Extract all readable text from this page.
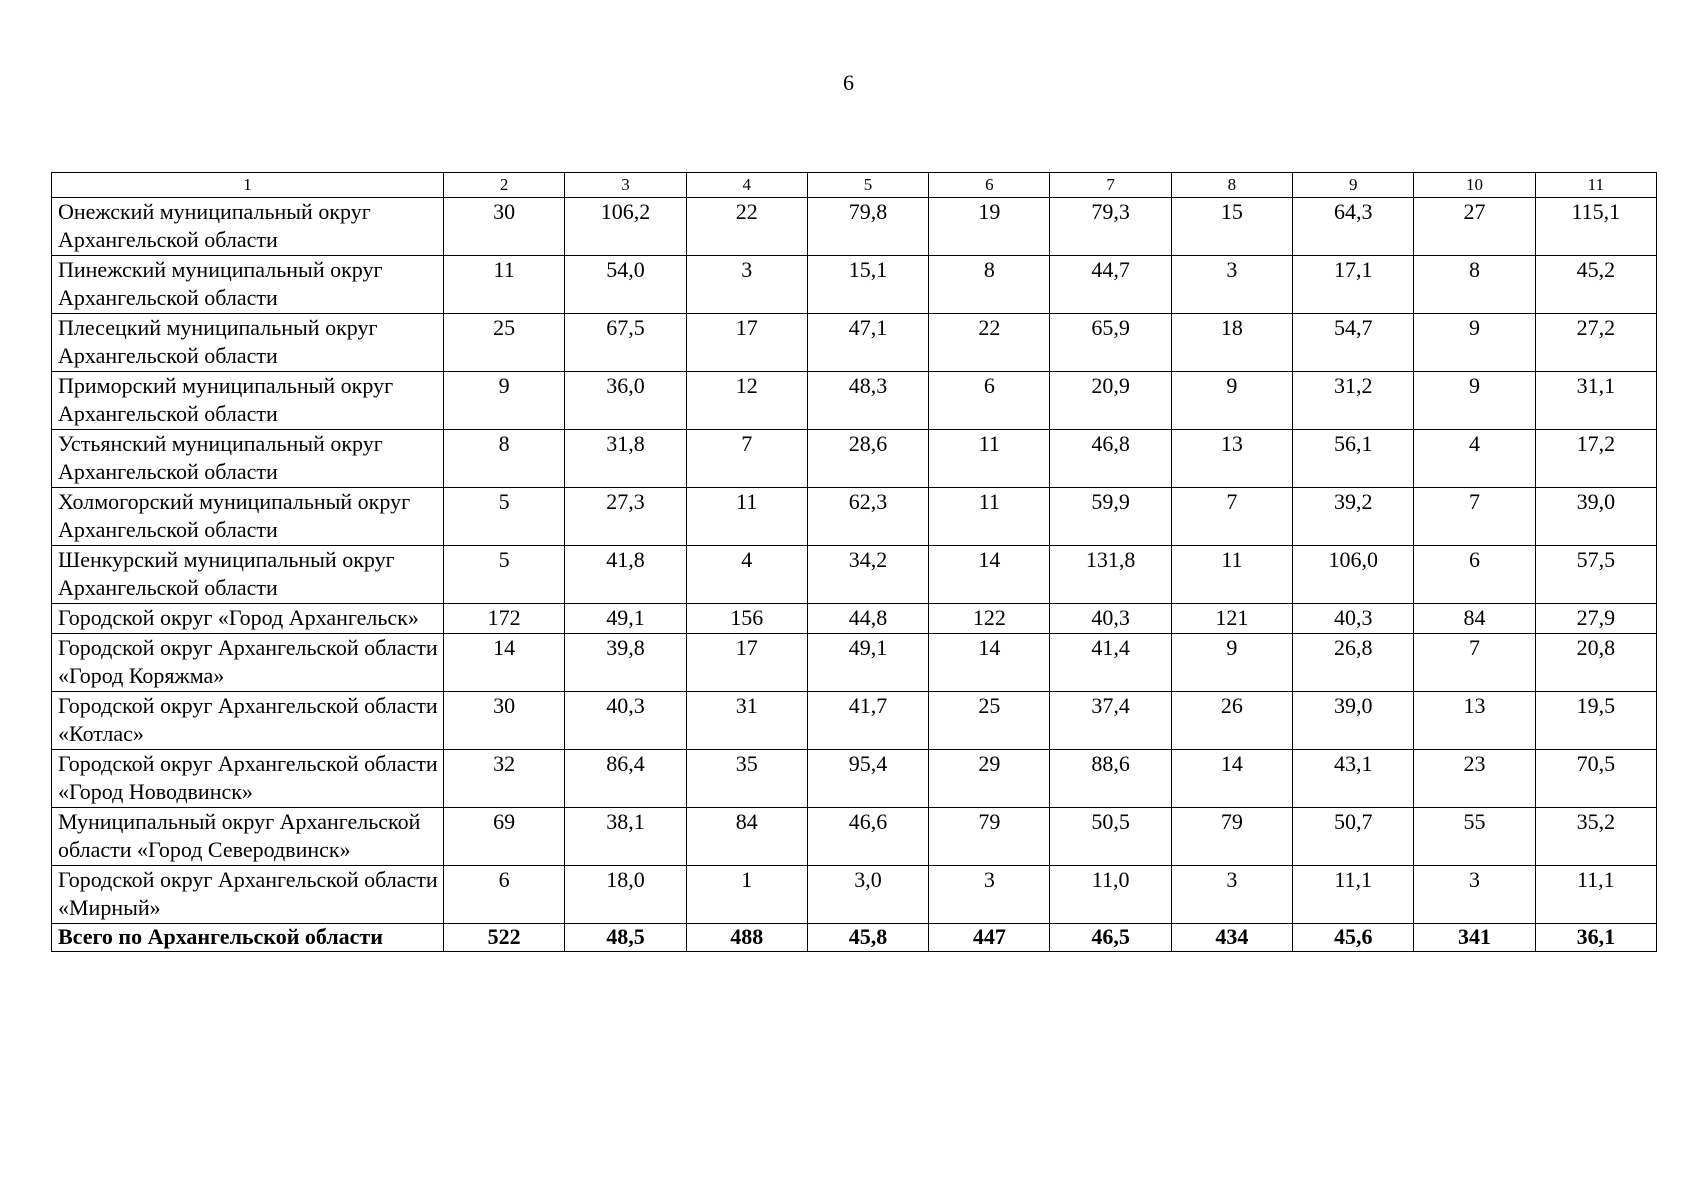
6
1	2	3	4	5	6	7	8	9	10	11
Онежский муниципальный округ Архангельской области	30	106,2	22	79,8	19	79,3	15	64,3	27	115,1
Пинежский муниципальный округ Архангельской области	11	54,0	3	15,1	8	44,7	3	17,1	8	45,2
Плесецкий муниципальный округ Архангельской области	25	67,5	17	47,1	22	65,9	18	54,7	9	27,2
Приморский муниципальный округ Архангельской области	9	36,0	12	48,3	6	20,9	9	31,2	9	31,1
Устьянский муниципальный округ Архангельской области	8	31,8	7	28,6	11	46,8	13	56,1	4	17,2
Холмогорский муниципальный округ Архангельской области	5	27,3	11	62,3	11	59,9	7	39,2	7	39,0
Шенкурский муниципальный округ Архангельской области	5	41,8	4	34,2	14	131,8	11	106,0	6	57,5
Городской округ «Город Архангельск»	172	49,1	156	44,8	122	40,3	121	40,3	84	27,9
Городской округ Архангельской области «Город Коряжма»	14	39,8	17	49,1	14	41,4	9	26,8	7	20,8
Городской округ Архангельской области «Котлас»	30	40,3	31	41,7	25	37,4	26	39,0	13	19,5
Городской округ Архангельской области «Город Новодвинск»	32	86,4	35	95,4	29	88,6	14	43,1	23	70,5
Муниципальный округ Архангельской области «Город Северодвинск»	69	38,1	84	46,6	79	50,5	79	50,7	55	35,2
Городской округ Архангельской области «Мирный»	6	18,0	1	3,0	3	11,0	3	11,1	3	11,1
Всего по Архангельской области	522	48,5	488	45,8	447	46,5	434	45,6	341	36,1
